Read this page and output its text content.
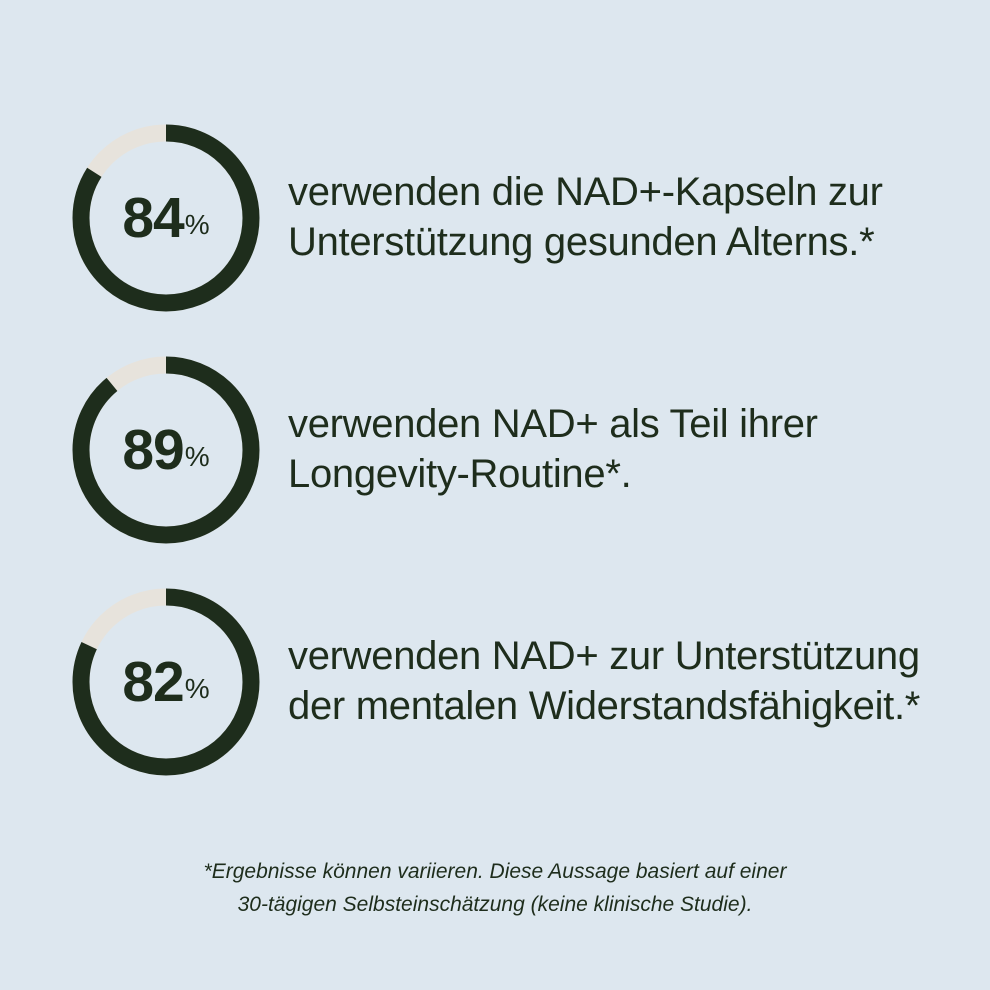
84 %
verwenden die NAD+-Kapseln zur Unterstützung gesunden Alterns.*
89 %
verwenden NAD+ als Teil ihrer Longevity-Routine*.
82 %
verwenden NAD+ zur Unterstützung der mentalen Widerstandsfähigkeit.*
*Ergebnisse können variieren. Diese Aussage basiert auf einer
30-tägigen Selbsteinschätzung (keine klinische Studie).
